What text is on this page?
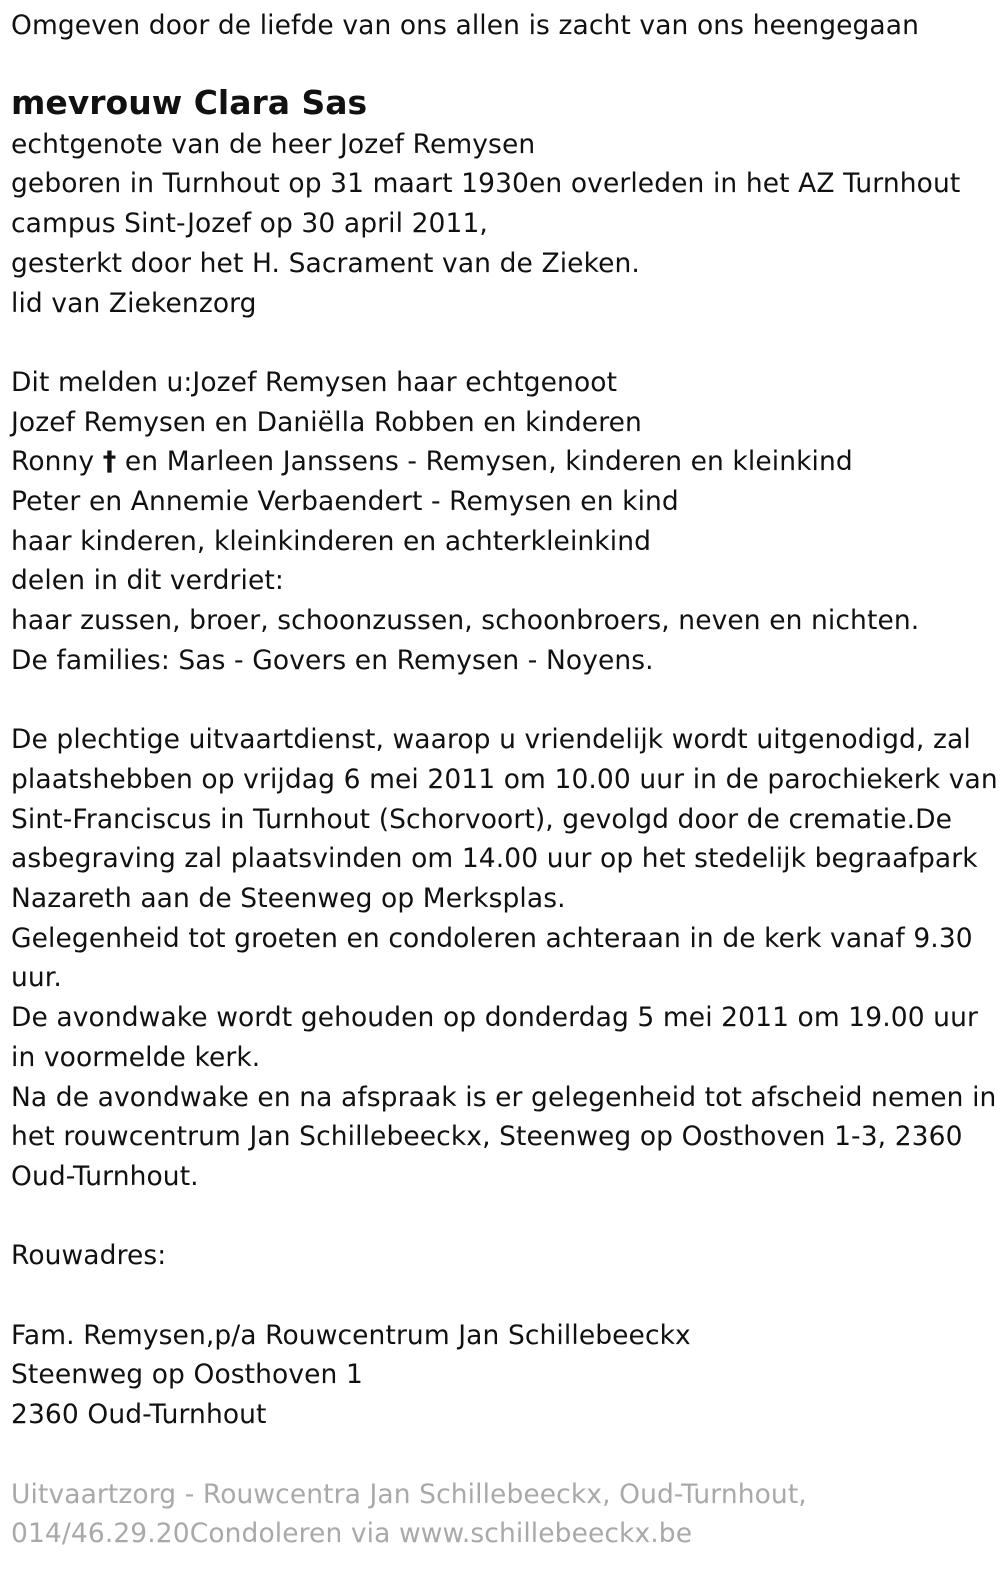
Omgeven door de liefde van ons allen is zacht van ons heengegaan
mevrouw Clara Sas
echtgenote van de heer Jozef Remysen
geboren in Turnhout op 31 maart 1930en overleden in het AZ Turnhout
campus Sint-Jozef op 30 april 2011,
gesterkt door het H. Sacrament van de Zieken.
lid van Ziekenzorg
Dit melden u:Jozef Remysen haar echtgenoot
Jozef Remysen en Daniëlla Robben en kinderen
Ronny † en Marleen Janssens - Remysen, kinderen en kleinkind
Peter en Annemie Verbaendert - Remysen en kind
haar kinderen, kleinkinderen en achterkleinkind
delen in dit verdriet:
haar zussen, broer, schoonzussen, schoonbroers, neven en nichten.
De families: Sas - Govers en Remysen - Noyens.
De plechtige uitvaartdienst, waarop u vriendelijk wordt uitgenodigd, zal
plaatshebben op vrijdag 6 mei 2011 om 10.00 uur in de parochiekerk van
Sint-Franciscus in Turnhout (Schorvoort), gevolgd door de crematie.De
asbegraving zal plaatsvinden om 14.00 uur op het stedelijk begraafpark
Nazareth aan de Steenweg op Merksplas.
Gelegenheid tot groeten en condoleren achteraan in de kerk vanaf 9.30
uur.
De avondwake wordt gehouden op donderdag 5 mei 2011 om 19.00 uur
in voormelde kerk.
Na de avondwake en na afspraak is er gelegenheid tot afscheid nemen in
het rouwcentrum Jan Schillebeeckx, Steenweg op Oosthoven 1-3, 2360
Oud-Turnhout.
Rouwadres:
Fam. Remysen,p/a Rouwcentrum Jan Schillebeeckx
Steenweg op Oosthoven 1
2360 Oud-Turnhout
Uitvaartzorg - Rouwcentra Jan Schillebeeckx, Oud-Turnhout,
014/46.29.20Condoleren via www.schillebeeckx.be
